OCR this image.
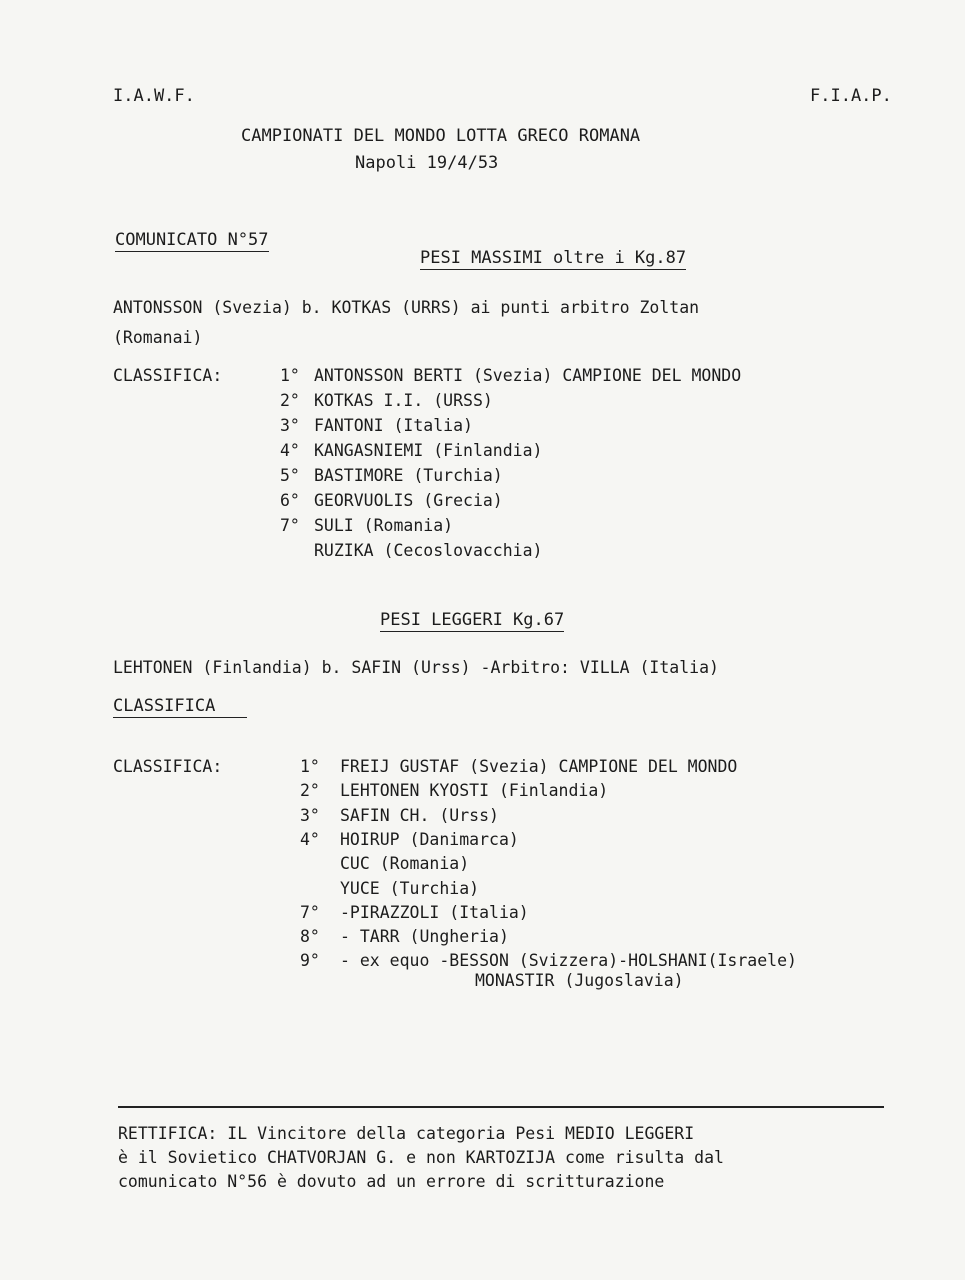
I.A.W.F.	F.I.A.P.
CAMPIONATI DEL MONDO LOTTA GRECO ROMANA
Napoli 19/4/53
COMUNICATO N°57
PESI MASSIMI oltre i Kg.87
ANTONSSON (Svezia) b. KOTKAS (URRS) ai punti arbitro Zoltan
(Romanai)
CLASSIFICA:	1° ANTONSSON BERTI (Svezia) CAMPIONE DEL MONDO
2° KOTKAS I.I. (URSS)
3° FANTONI (Italia)
4° KANGASNIEMI (Finlandia)
5° BASTIMORE (Turchia)
6° GEORVUOLIS (Grecia)
7° SULI (Romania)
RUZIKA (Cecoslovacchia)
PESI LEGGERI Kg.67
LEHTONEN (Finlandia) b. SAFIN (Urss) -Arbitro: VILLA (Italia)
CLASSIFICA
CLASSIFICA:	1° FREIJ GUSTAF (Svezia) CAMPIONE DEL MONDO
2° LEHTONEN KYOSTI (Finlandia)
3° SAFIN CH. (Urss)
4° HOIRUP (Danimarca)
CUC (Romania)
YUCE (Turchia)
7° -PIRAZZOLI (Italia)
8° - TARR (Ungheria)
9° - ex equo -BESSON (Svizzera)-HOLSHANI(Israele)
MONASTIR (Jugoslavia)
RETTIFICA: IL Vincitore della categoria Pesi MEDIO LEGGERI
è il Sovietico CHATVORJAN G. e non KARTOZIJA come risulta dal
comunicato N°56 è dovuto ad un errore di scritturazione
